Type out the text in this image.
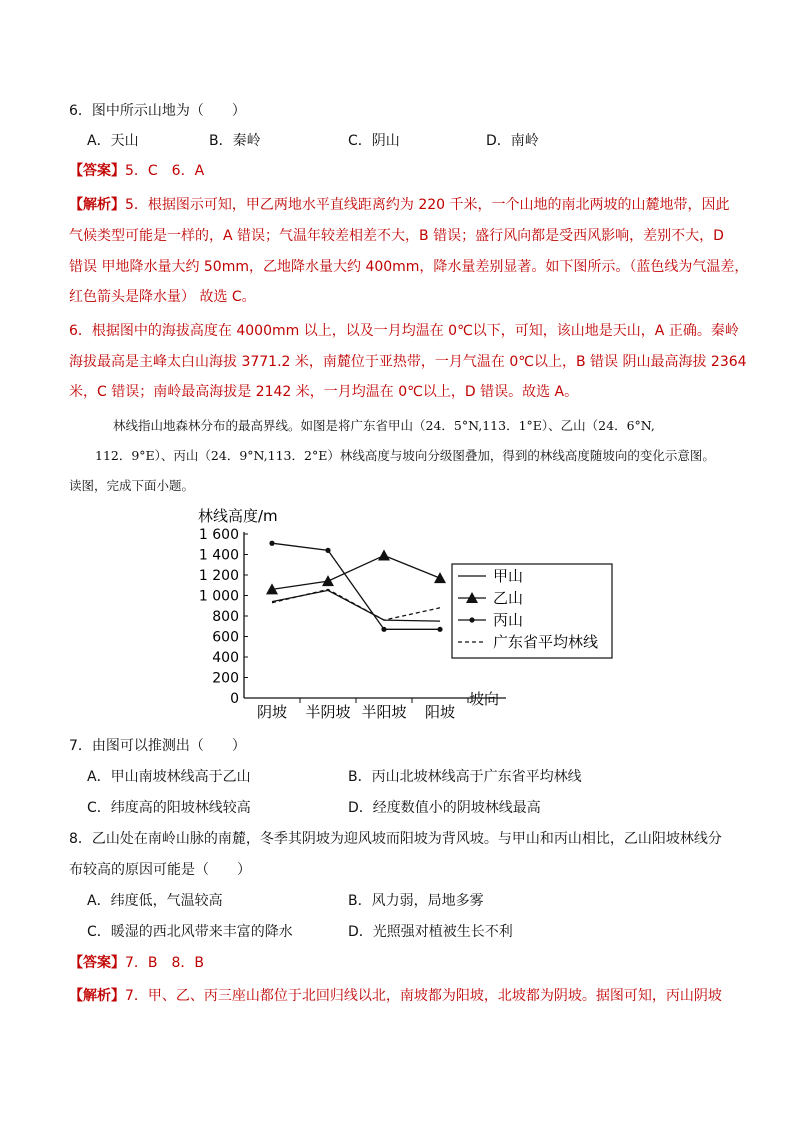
6．图中所示山地为（　　）
A．天山	B．秦岭	C．阴山	D．南岭
【答案】5．C　6．A
【解析】5．根据图示可知，甲乙两地水平直线距离约为 220 千米，一个山地的南北两坡的山麓地带，因此
气候类型可能是一样的，A 错误；气温年较差相差不大，B 错误；盛行风向都是受西风影响，差别不大，D
错误 甲地降水量大约 50mm，乙地降水量大约 400mm，降水量差别显著。如下图所示。（蓝色线为气温差，
红色箭头是降水量） 故选 C。
6．根据图中的海拔高度在 4000mm 以上，以及一月均温在 0℃以下，可知，该山地是天山，A 正确。秦岭
海拔最高是主峰太白山海拔 3771.2 米，南麓位于亚热带，一月气温在 0℃以上，B 错误 阴山最高海拔 2364
米，C 错误；南岭最高海拔是 2142 米，一月均温在 0℃以上，D 错误。故选 A。
林线指山地森林分布的最高界线。如图是将广东省甲山（24．5°N,113．1°E）、乙山（24．6°N,
112．9°E）、丙山（24．9°N,113．2°E）林线高度与坡向分级图叠加，得到的林线高度随坡向的变化示意图。
读图，完成下面小题。
林线高度/m
坡向
0
200
400
600
800
1 000
1 200
1 400
1 600
阴坡 半阴坡 半阳坡 阳坡
甲山
乙山
丙山
广东省平均林线
7．由图可以推测出（　　）
A．甲山南坡林线高于乙山	B．丙山北坡林线高于广东省平均林线
C．纬度高的阳坡林线较高	D．经度数值小的阴坡林线最高
8．乙山处在南岭山脉的南麓，冬季其阴坡为迎风坡而阳坡为背风坡。与甲山和丙山相比，乙山阳坡林线分
布较高的原因可能是（　　）
A．纬度低，气温较高	B．风力弱，局地多雾
C．暖湿的西北风带来丰富的降水	D．光照强对植被生长不利
【答案】7．B　8．B
【解析】7．甲、乙、丙三座山都位于北回归线以北，南坡都为阳坡，北坡都为阴坡。据图可知，丙山阴坡
